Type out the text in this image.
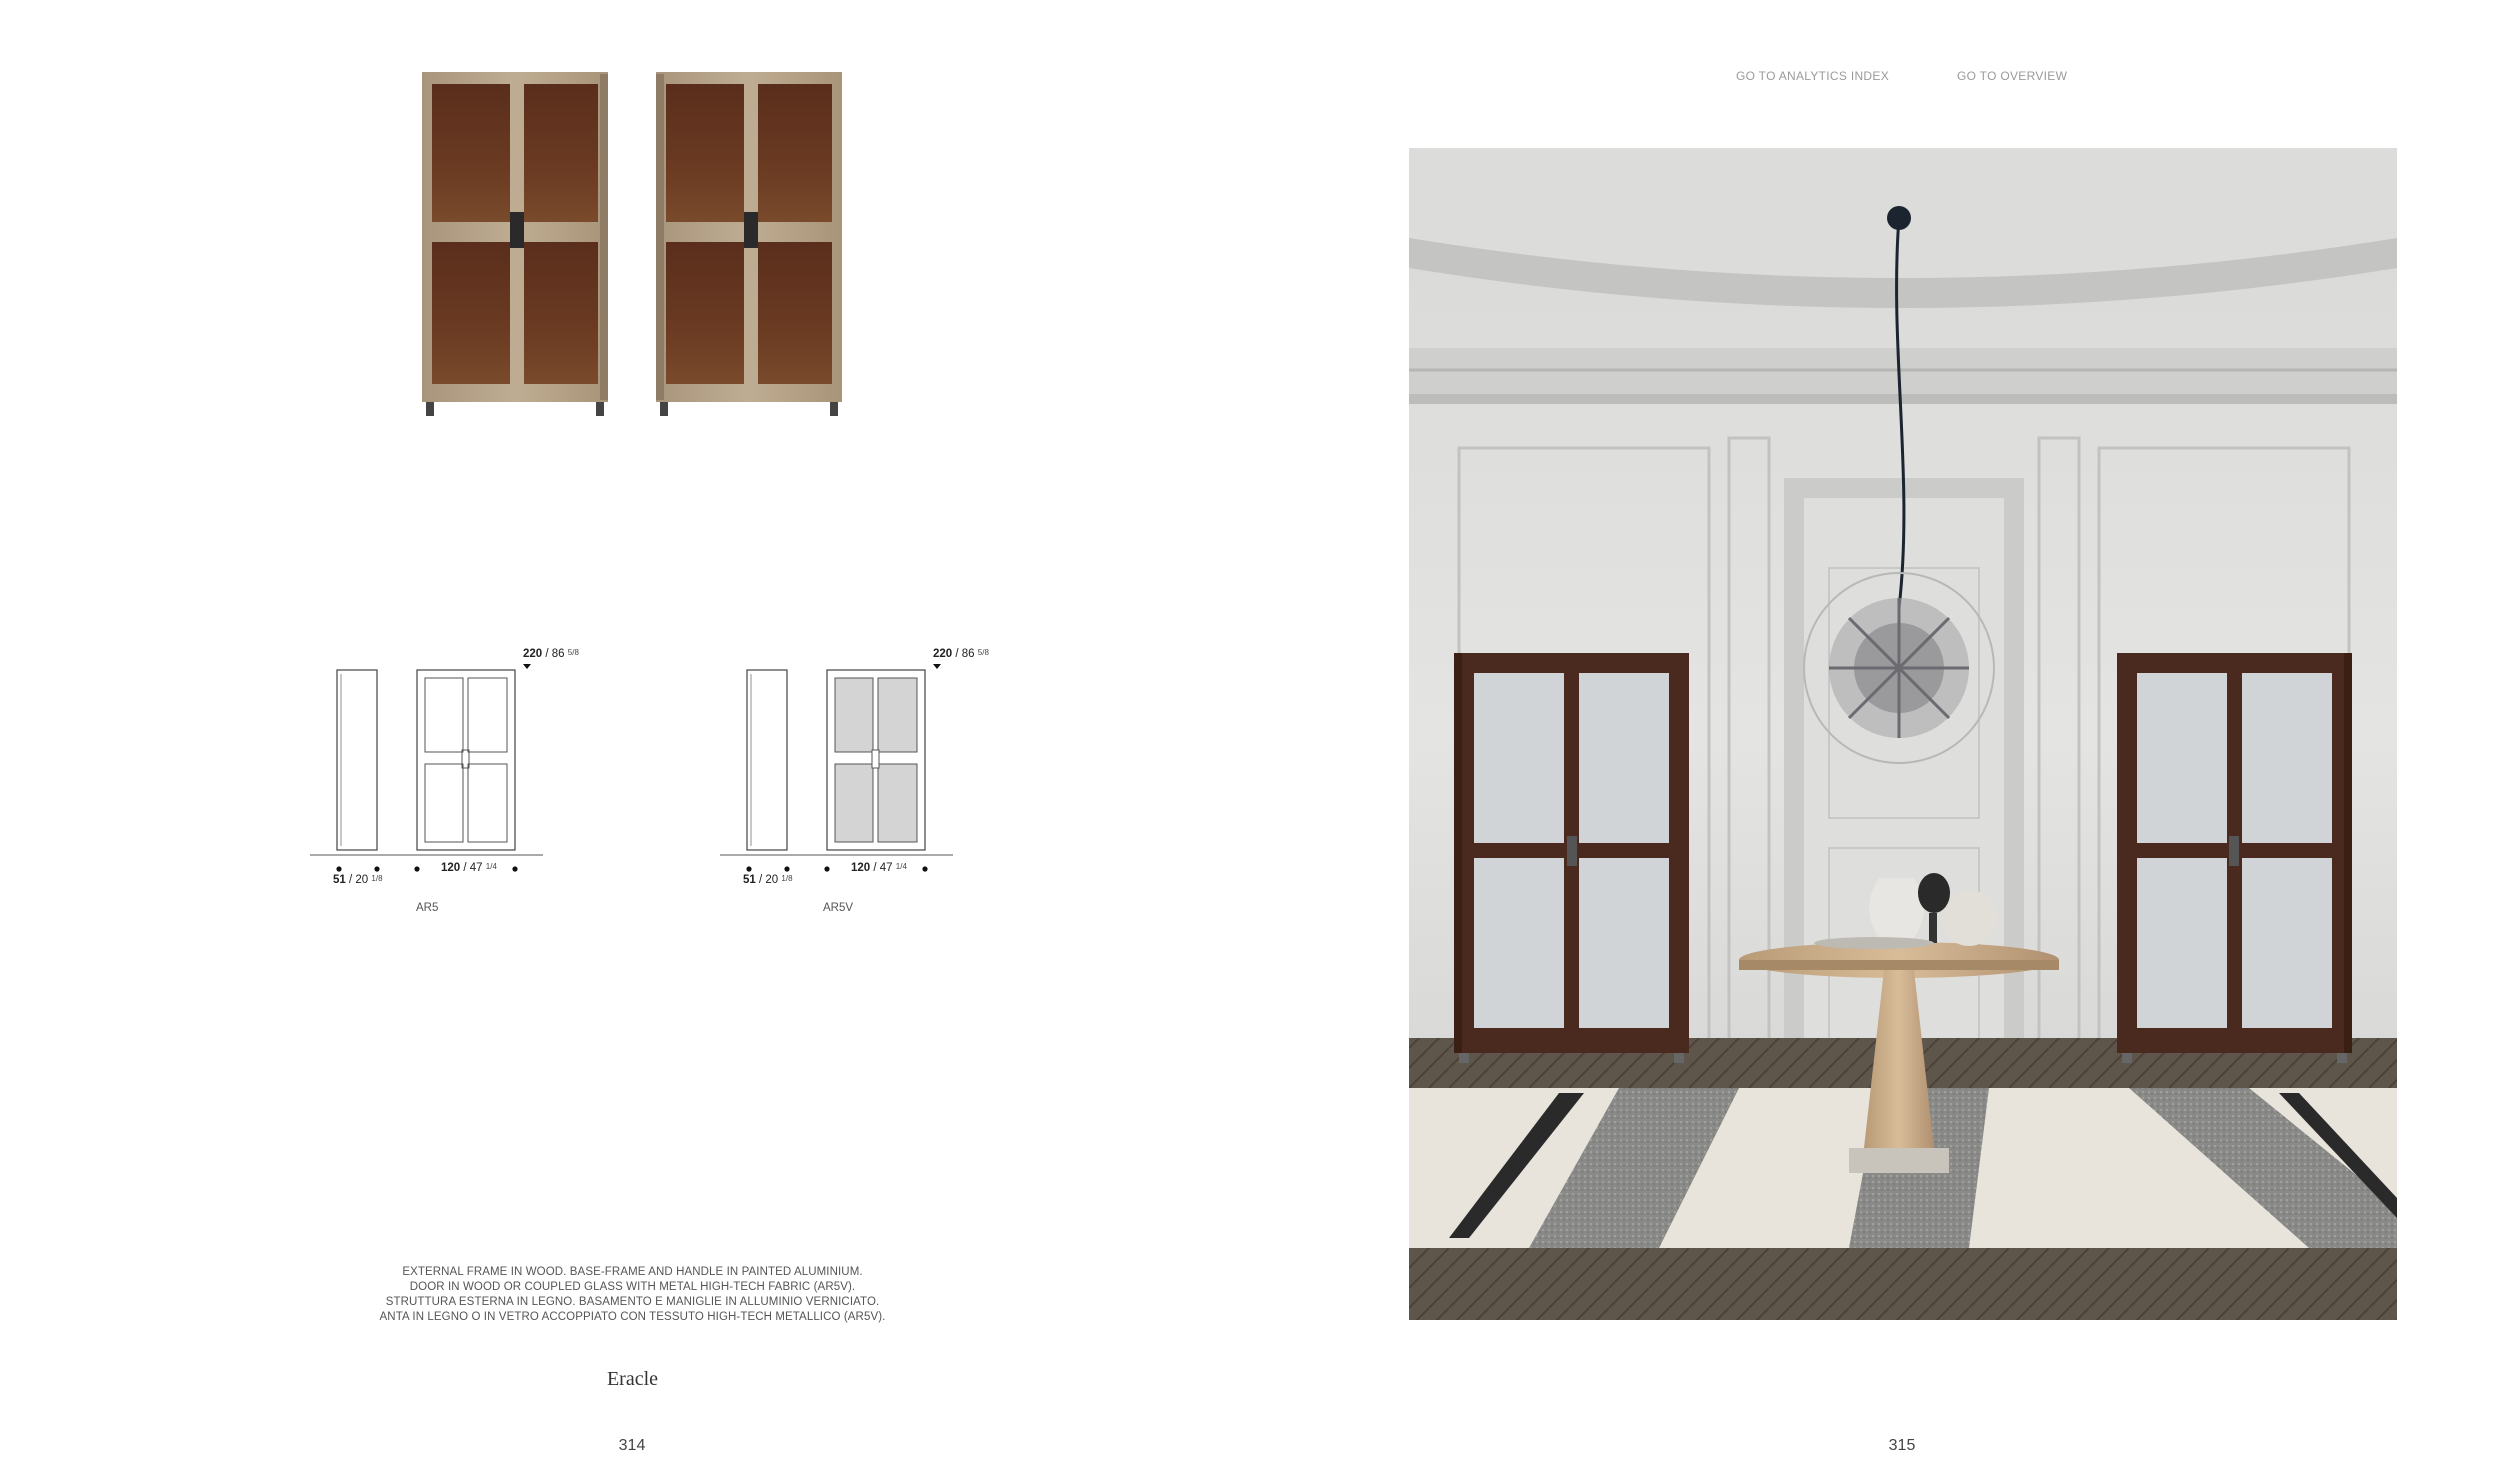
GO TO ANALYTICS INDEX	GO TO OVERVIEW
220 / 86 $^{5/8}$
51 / 20 $^{1/8}$
120 / 47 $^{1/4}$
AR5
220 / 86 $^{5/8}$
51 / 20 $^{1/8}$
120 / 47 $^{1/4}$
AR5V
EXTERNAL FRAME IN WOOD. BASE-FRAME AND HANDLE IN PAINTED ALUMINIUM.
DOOR IN WOOD OR COUPLED GLASS WITH METAL HIGH-TECH FABRIC (AR5V).
STRUTTURA ESTERNA IN LEGNO. BASAMENTO E MANIGLIE IN ALLUMINIO VERNICIATO.
ANTA IN LEGNO O IN VETRO ACCOPPIATO CON TESSUTO HIGH-TECH METALLICO (AR5V).
Eracle
314	315
